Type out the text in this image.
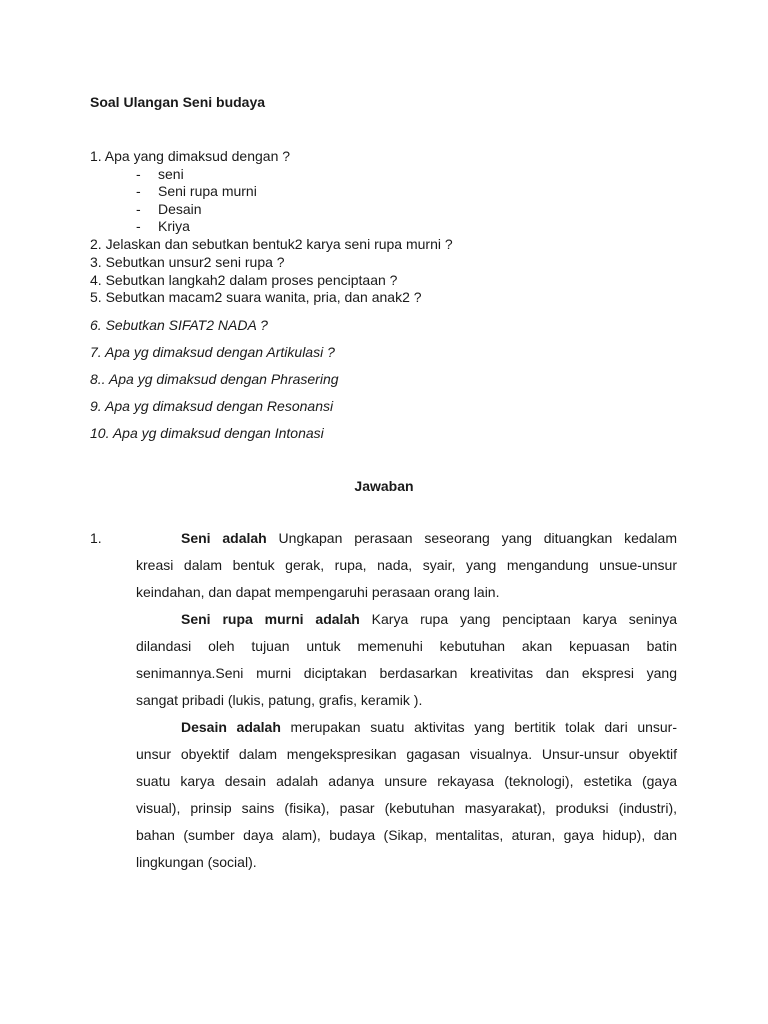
Soal Ulangan Seni budaya
1. Apa yang dimaksud dengan ?
- seni
- Seni rupa murni
- Desain
- Kriya
2. Jelaskan dan sebutkan bentuk2 karya seni rupa murni ?
3. Sebutkan unsur2 seni rupa ?
4. Sebutkan langkah2 dalam proses penciptaan ?
5. Sebutkan macam2 suara wanita, pria, dan anak2 ?
6. Sebutkan SIFAT2 NADA ?
7. Apa yg dimaksud dengan Artikulasi ?
8.. Apa yg dimaksud dengan Phrasering
9. Apa yg dimaksud dengan Resonansi
10. Apa yg dimaksud dengan Intonasi
Jawaban
1.	Seni adalah Ungkapan perasaan seseorang yang dituangkan kedalam
kreasi dalam bentuk gerak, rupa, nada, syair, yang mengandung unsue-unsur
keindahan, dan dapat mempengaruhi perasaan orang lain.
Seni rupa murni adalah Karya rupa yang penciptaan karya seninya
dilandasi oleh tujuan untuk memenuhi kebutuhan akan kepuasan batin
senimannya.Seni murni diciptakan berdasarkan kreativitas dan ekspresi yang
sangat pribadi (lukis, patung, grafis, keramik ).
Desain adalah merupakan suatu aktivitas yang bertitik tolak dari unsur-
unsur obyektif dalam mengekspresikan gagasan visualnya. Unsur-unsur obyektif
suatu karya desain adalah adanya unsure rekayasa (teknologi), estetika (gaya
visual), prinsip sains (fisika), pasar (kebutuhan masyarakat), produksi (industri),
bahan (sumber daya alam), budaya (Sikap, mentalitas, aturan, gaya hidup), dan
lingkungan (social).
